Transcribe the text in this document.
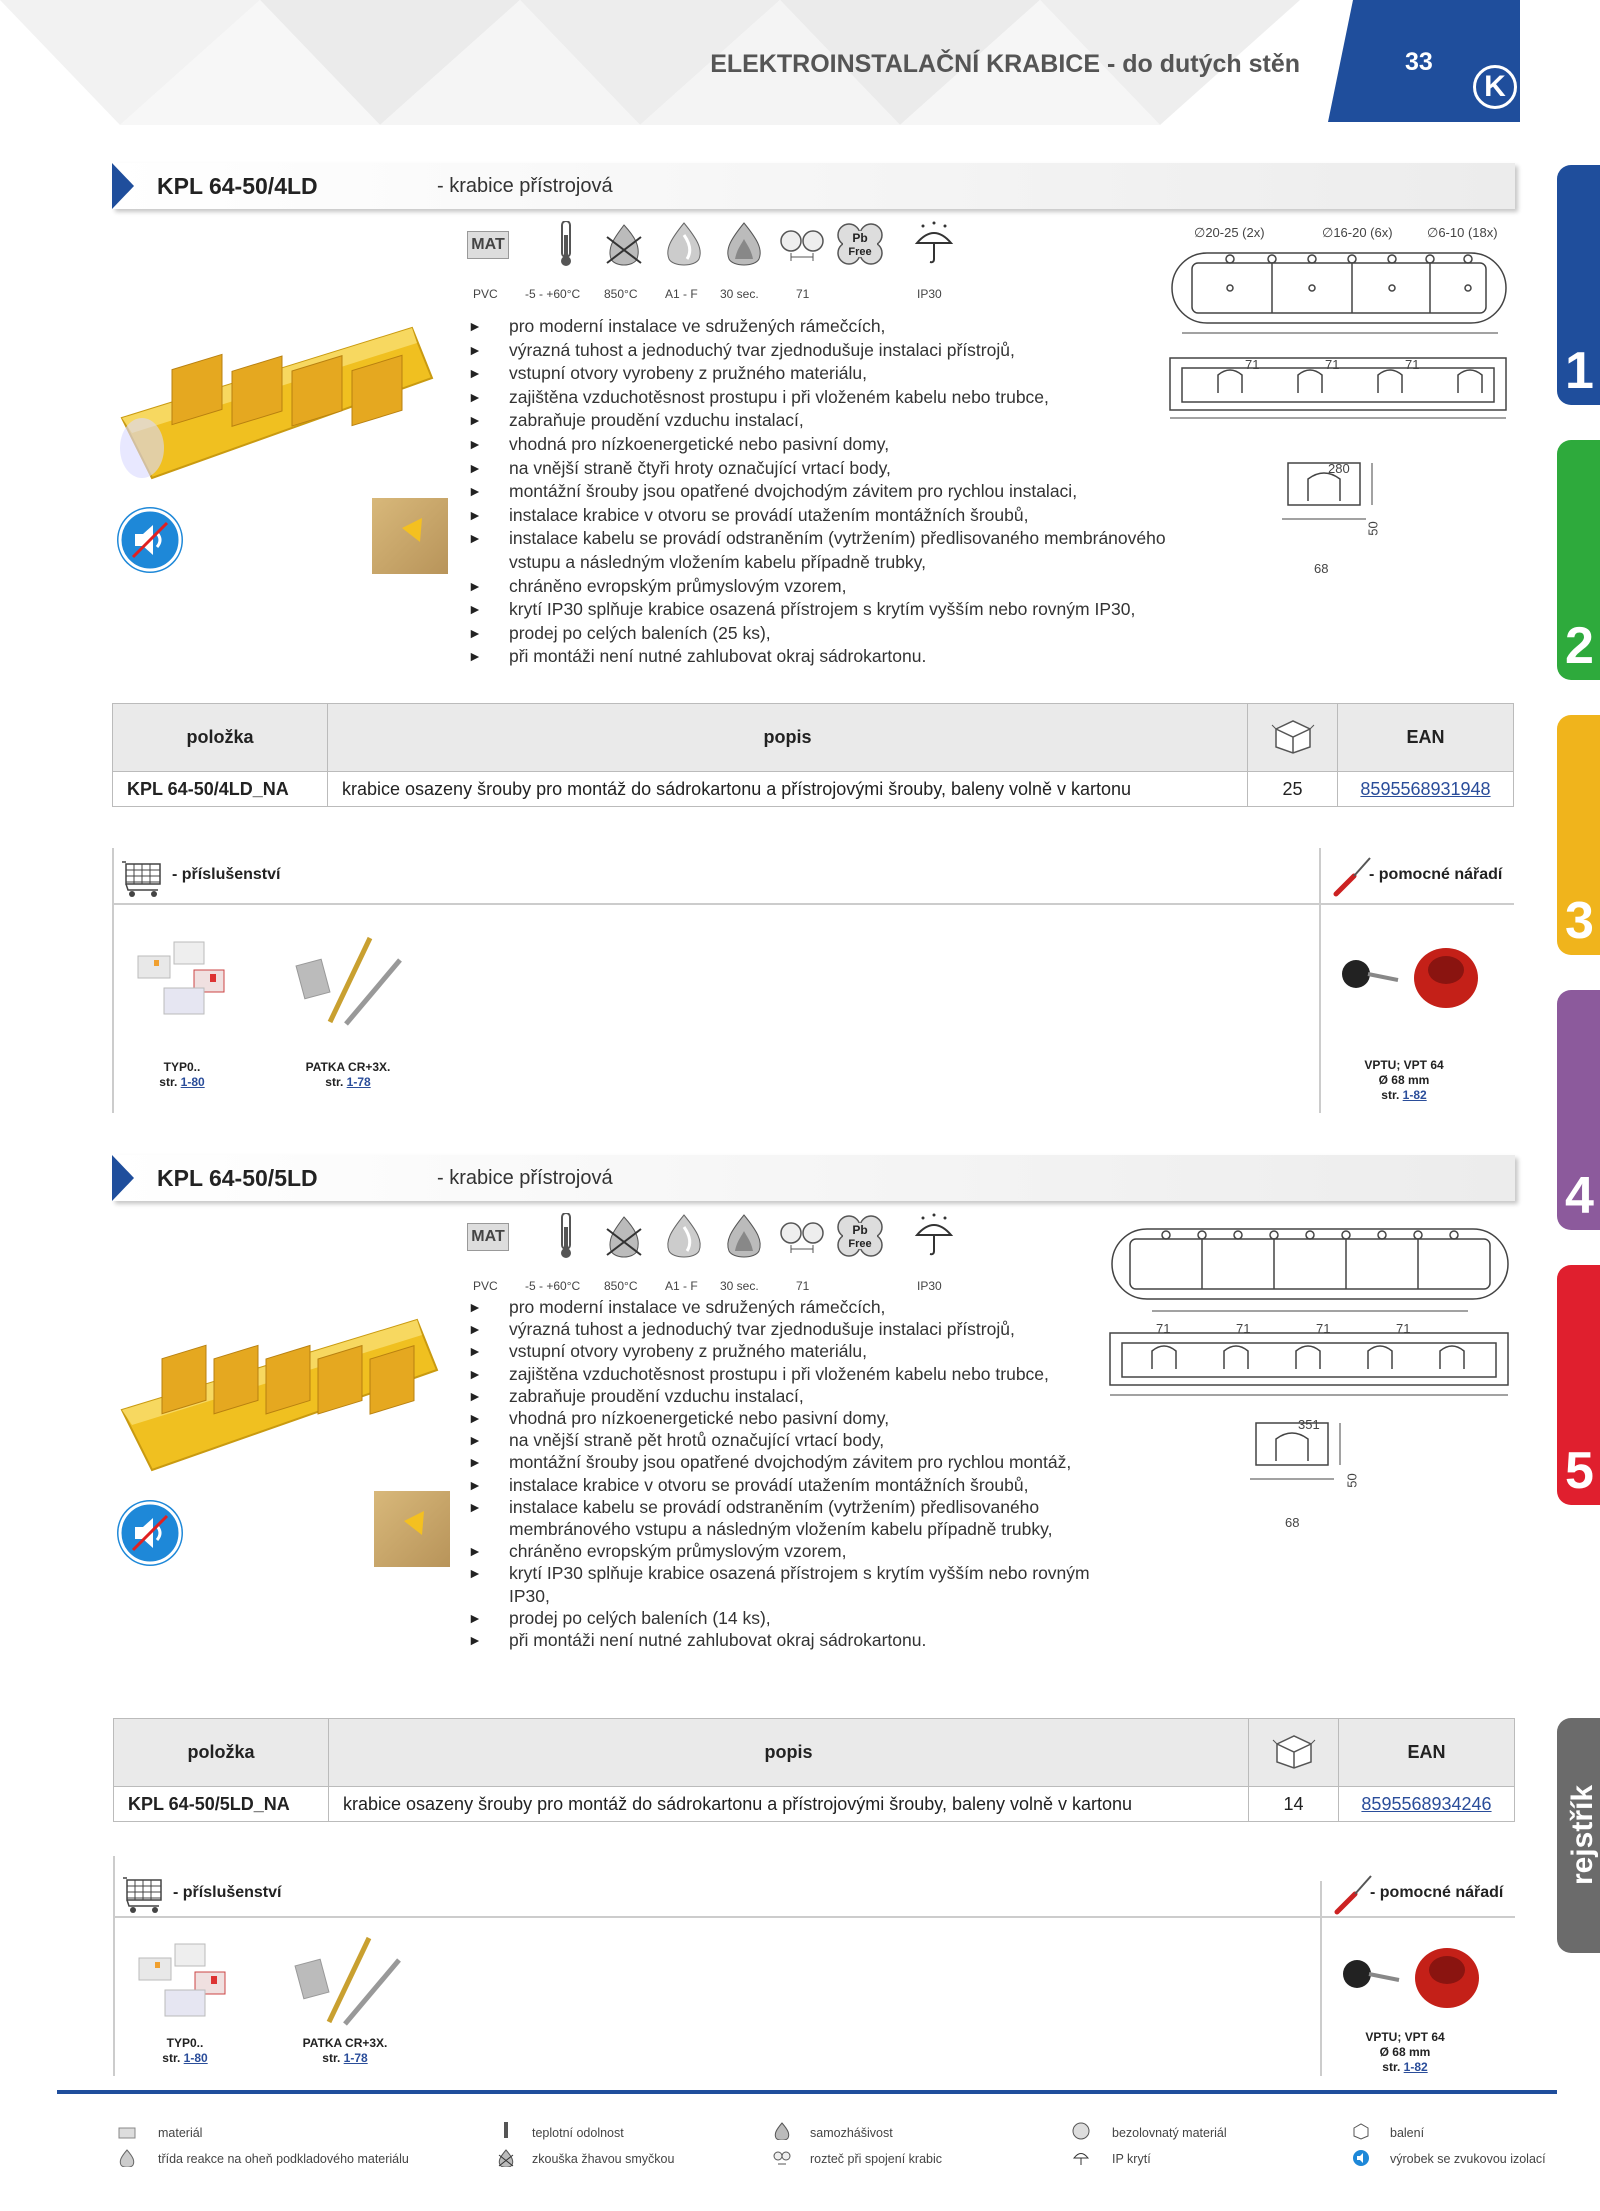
ELEKTROINSTALAČNÍ KRABICE - do dutých stěn	33
K
1
2
3
4
5
rejstřík
KPL 64-50/4LD	- krabice přístrojová
MAT	Pb
Free
PVC -5 - +60°C 850°C A1 - F 30 sec.	71	IP30
► pro moderní instalace ve sdružených rámečcích,
► výrazná tuhost a jednoduchý tvar zjednodušuje instalaci přístrojů,
► vstupní otvory vyrobeny z pružného materiálu,
► zajištěna vzduchotěsnost prostupu i při vloženém kabelu nebo trubce,
► zabraňuje proudění vzduchu instalací,
► vhodná pro nízkoenergetické nebo pasivní domy,
► na vnější straně čtyři hroty označující vrtací body,
► montážní šrouby jsou opatřené dvojchodým závitem pro rychlou instalaci,
► instalace krabice v otvoru se provádí utažením montážních šroubů,
► instalace kabelu se provádí odstraněním (vytržením) předlisovaného membránového vstupu a následným vložením kabelu případně trubky,
► chráněno evropským průmyslovým vzorem,
► krytí IP30 splňuje krabice osazená přístrojem s krytím vyšším nebo rovným IP30,
► prodej po celých baleních (25 ks),
► při montáži není nutné zahlubovat okraj sádrokartonu.
∅20-25 (2x)	∅16-20 (6x)	∅6-10 (18x)
71	71	71
280
50
68
položka	popis		EAN
KPL 64-50/4LD_NA	krabice osazeny šrouby pro montáž do sádrokartonu a přístrojovými šrouby, baleny volně v kartonu	25	8595568931948
- příslušenství	- pomocné nářadí
TYP0..
str. 1-80
PATKA CR+3X.
str. 1-78
VPTU; VPT 64
Ø 68 mm
str. 1-82
KPL 64-50/5LD	- krabice přístrojová
MAT	Pb
Free
PVC -5 - +60°C 850°C A1 - F 30 sec.	71	IP30
► pro moderní instalace ve sdružených rámečcích,
► výrazná tuhost a jednoduchý tvar zjednodušuje instalaci přístrojů,
► vstupní otvory vyrobeny z pružného materiálu,
► zajištěna vzduchotěsnost prostupu i při vloženém kabelu nebo trubce,
► zabraňuje proudění vzduchu instalací,
► vhodná pro nízkoenergetické nebo pasivní domy,
► na vnější straně pět hrotů označující vrtací body,
► montážní šrouby jsou opatřené dvojchodým závitem pro rychlou montáž,
► instalace krabice v otvoru se provádí utažením montážních šroubů,
► instalace kabelu se provádí odstraněním (vytržením) předlisovaného membránového vstupu a následným vložením kabelu případně trubky,
► chráněno evropským průmyslovým vzorem,
► krytí IP30 splňuje krabice osazená přístrojem s krytím vyšším nebo rovným IP30,
► prodej po celých baleních (14 ks),
► při montáži není nutné zahlubovat okraj sádrokartonu.
71	71	71	71
351
50
68
položka	popis		EAN
KPL 64-50/5LD_NA	krabice osazeny šrouby pro montáž do sádrokartonu a přístrojovými šrouby, baleny volně v kartonu	14	8595568934246
- příslušenství	- pomocné nářadí
TYP0..
str. 1-80
PATKA CR+3X.
str. 1-78
VPTU; VPT 64
Ø 68 mm
str. 1-82
materiál	teplotní odolnost	samozhášivost	bezolovnatý materiál	balení
třída reakce na oheň podkladového materiálu	zkouška žhavou smyčkou	rozteč při spojení krabic	IP krytí	výrobek se zvukovou izolací
